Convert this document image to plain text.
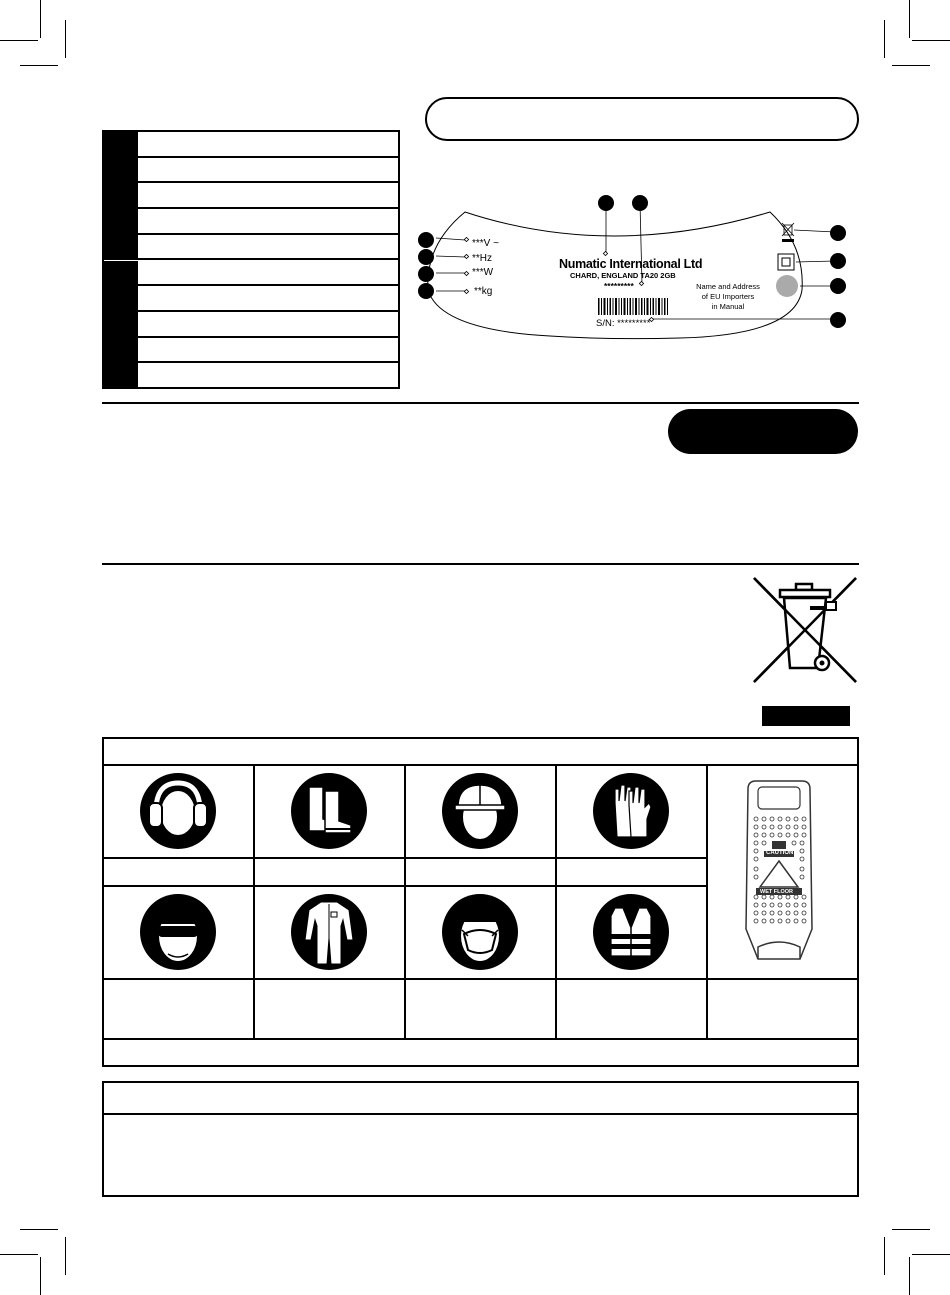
***V ~
**Hz
***W
**kg
Numatic International Ltd
CHARD, ENGLAND TA20 2GB
*********
S/N: *********
Name and Address
of EU Importers
in Manual
CAUTION
WET FLOOR
